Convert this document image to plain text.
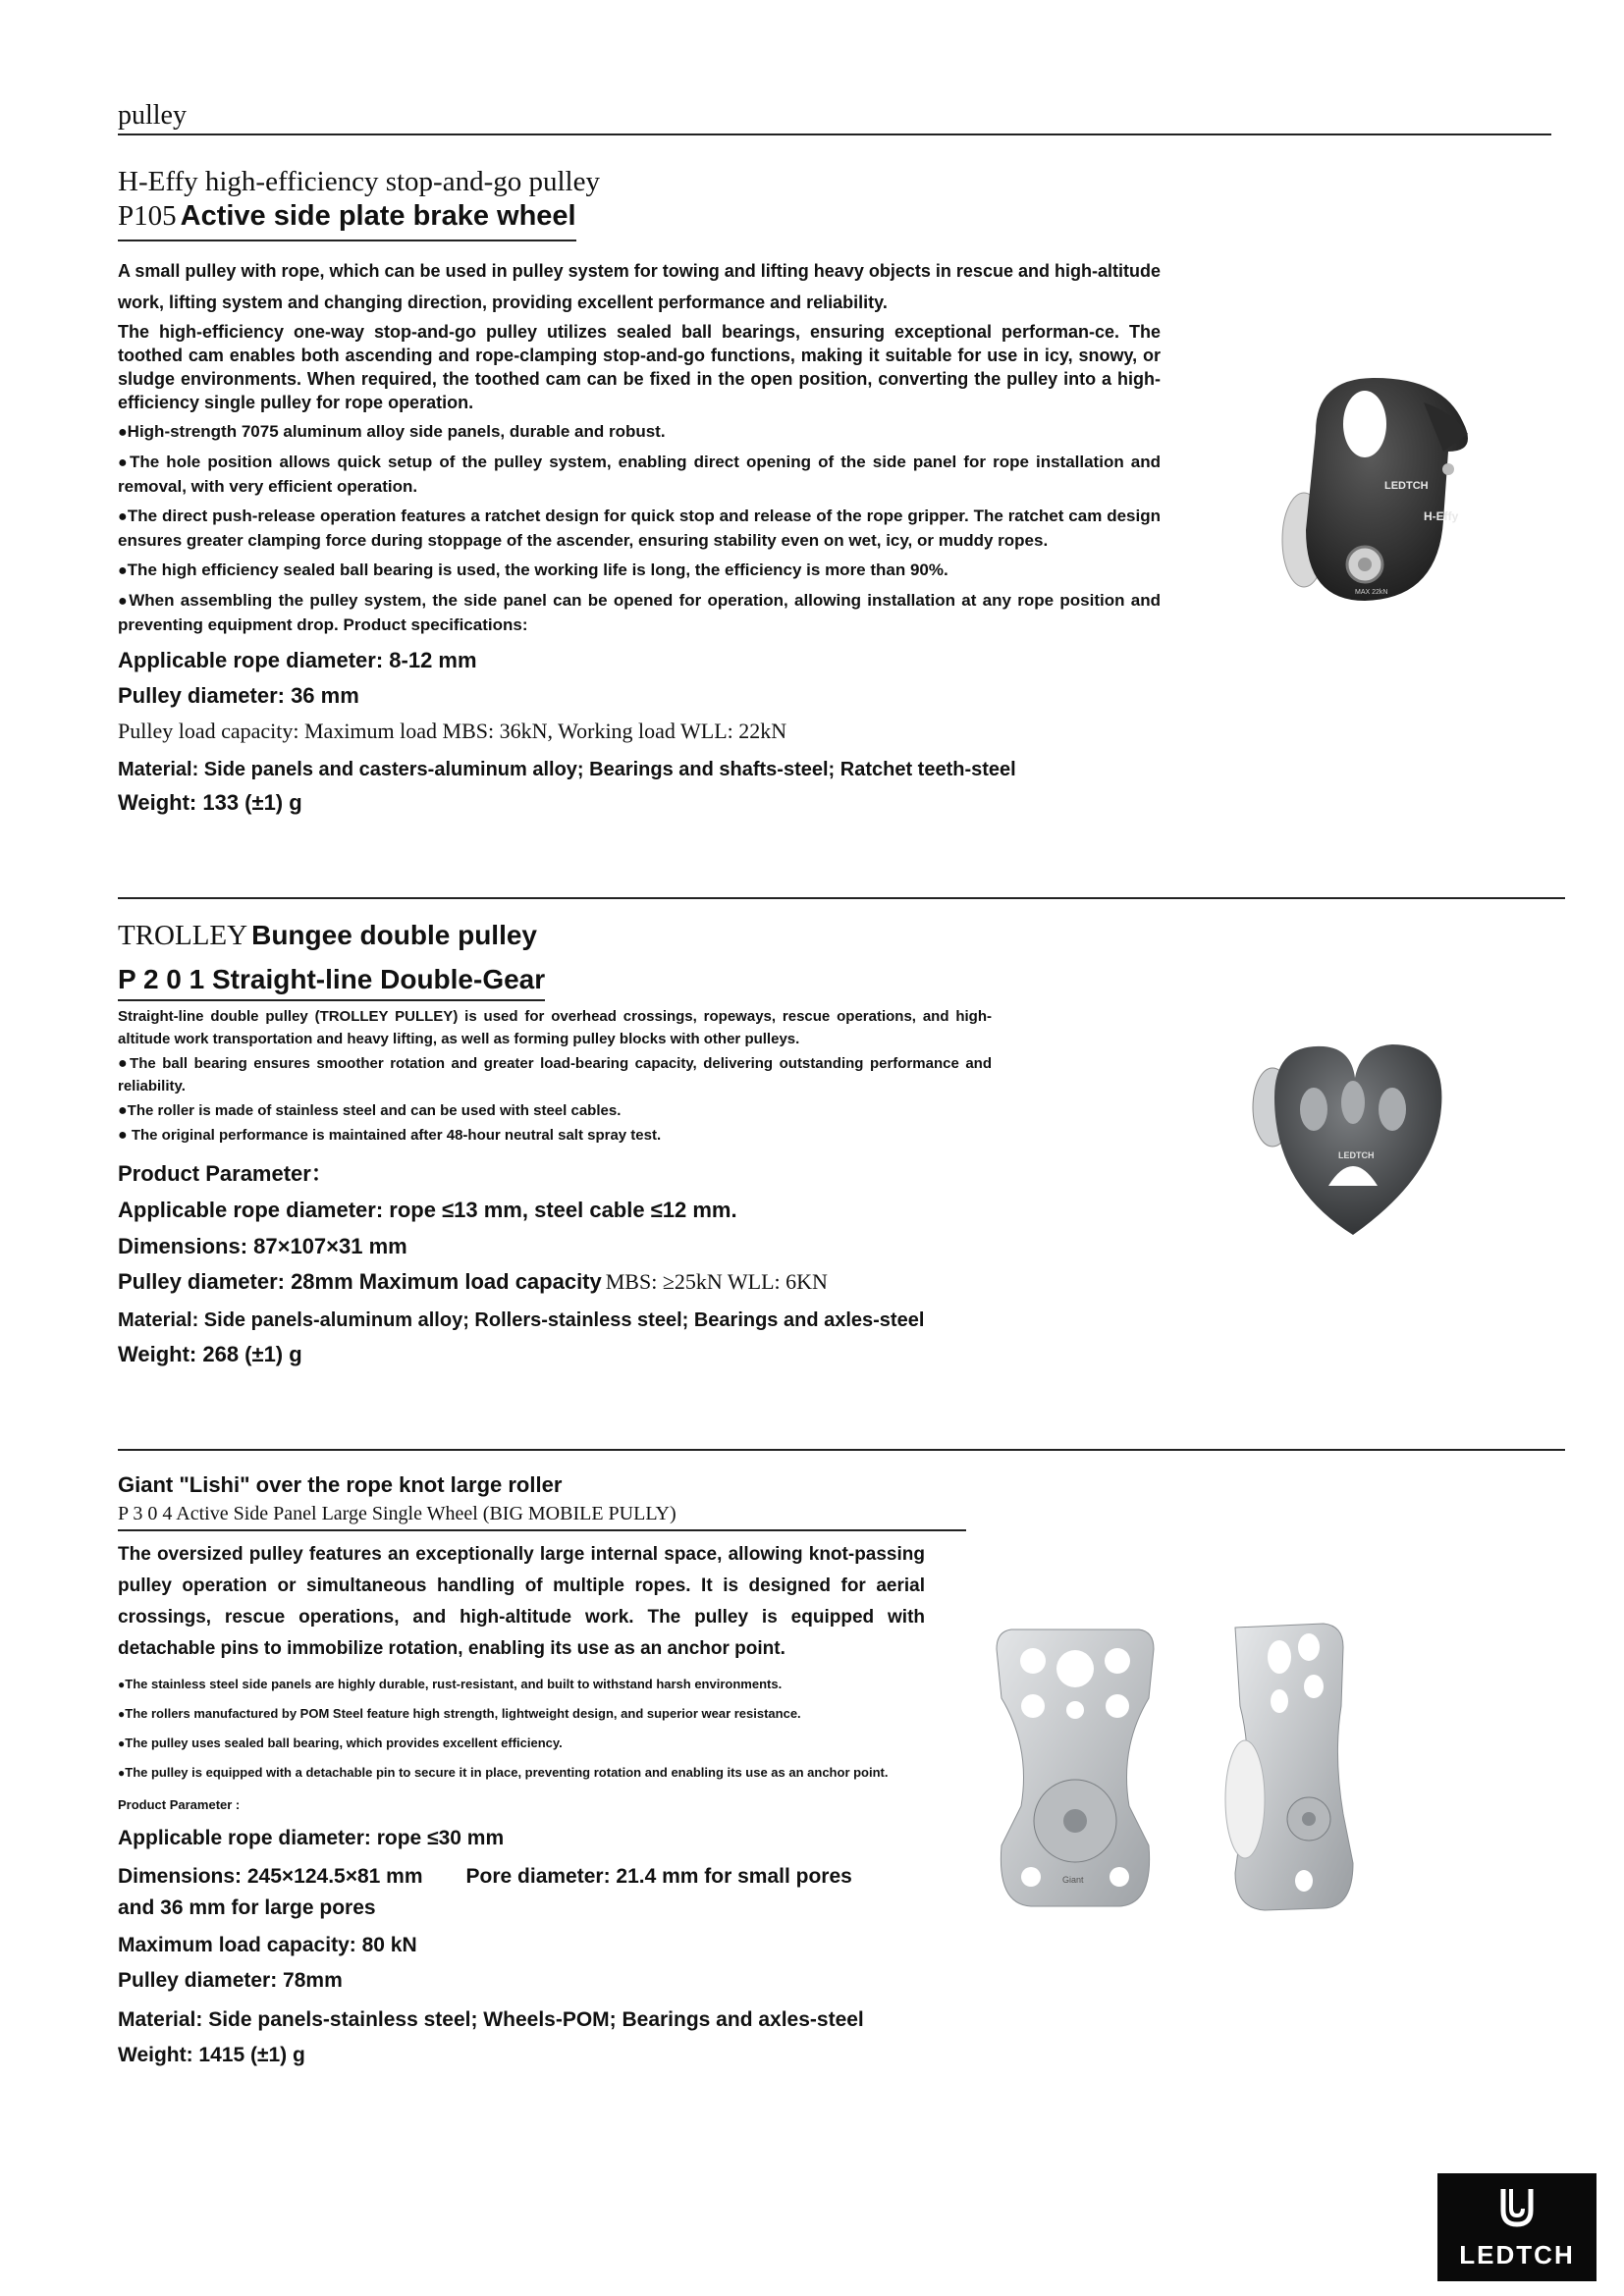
pulley
H-Effy high-efficiency stop-and-go pulley
P105 Active side plate brake wheel

A small pulley with rope, which can be used in pulley system for towing and lifting heavy objects in rescue and high-altitude work, lifting system and changing direction, providing excellent performance and reliability.

The high-efficiency one-way stop-and-go pulley utilizes sealed ball bearings, ensuring exceptional performan-ce. The toothed cam enables both ascending and rope-clamping stop-and-go functions, making it suitable for use in icy, snowy, or sludge environments. When required, the toothed cam can be fixed in the open position, converting the pulley into a high-efficiency single pulley for rope operation.

●High-strength 7075 aluminum alloy side panels, durable and robust.

●The hole position allows quick setup of the pulley system, enabling direct opening of the side panel for rope installation and removal, with very efficient operation.

●The direct push-release operation features a ratchet design for quick stop and release of the rope gripper. The ratchet cam design ensures greater clamping force during stoppage of the ascender, ensuring stability even on wet, icy, or muddy ropes.

●The high efficiency sealed ball bearing is used, the working life is long, the efficiency is more than 90%.

●When assembling the pulley system, the side panel can be opened for operation, allowing installation at any rope position and preventing equipment drop. Product specifications:

Applicable rope diameter: 8-12 mm

Pulley diameter: 36 mm

Pulley load capacity: Maximum load MBS: 36kN, Working load WLL: 22kN

Material: Side panels and casters-aluminum alloy; Bearings and shafts-steel; Ratchet teeth-steel

Weight: 133 (±1) g

LEDTCH
H-Effy
MAX 22kN
TROLLEY Bungee double pulley
P 2 0 1 Straight-line Double-Gear

Straight-line double pulley (TROLLEY PULLEY) is used for overhead crossings, ropeways, rescue operations, and high-altitude work transportation and heavy lifting, as well as forming pulley blocks with other pulleys.

●The ball bearing ensures smoother rotation and greater load-bearing capacity, delivering outstanding performance and reliability.

●The roller is made of stainless steel and can be used with steel cables.

● The original performance is maintained after 48-hour neutral salt spray test.

Product Parameter：

Applicable rope diameter: rope ≤13 mm, steel cable ≤12 mm.

Dimensions: 87×107×31 mm

Pulley diameter: 28mm Maximum load capacity MBS: ≥25kN WLL: 6KN

Material: Side panels-aluminum alloy; Rollers-stainless steel; Bearings and axles-steel

Weight: 268 (±1) g

LEDTCH

Giant "Lishi" over the rope knot large roller

P 3 0 4 Active Side Panel Large Single Wheel (BIG MOBILE PULLY)

The oversized pulley features an exceptionally large internal space, allowing knot-passing pulley operation or simultaneous handling of multiple ropes. It is designed for aerial crossings, rescue operations, and high-altitude work. The pulley is equipped with detachable pins to immobilize rotation, enabling its use as an anchor point.

●The stainless steel side panels are highly durable, rust-resistant, and built to withstand harsh environments.

●The rollers manufactured by POM Steel feature high strength, lightweight design, and superior wear resistance.

●The pulley uses sealed ball bearing, which provides excellent efficiency.

●The pulley is equipped with a detachable pin to secure it in place, preventing rotation and enabling its use as an anchor point.

Product Parameter :

Applicable rope diameter: rope ≤30 mm

Dimensions: 245×124.5×81 mm Pore diameter: 21.4 mm for small pores

and 36 mm for large pores

Maximum load capacity: 80 kN

Pulley diameter: 78mm

Material: Side panels-stainless steel; Wheels-POM; Bearings and axles-steel

Weight: 1415 (±1) g

Giant
LEDTCH
